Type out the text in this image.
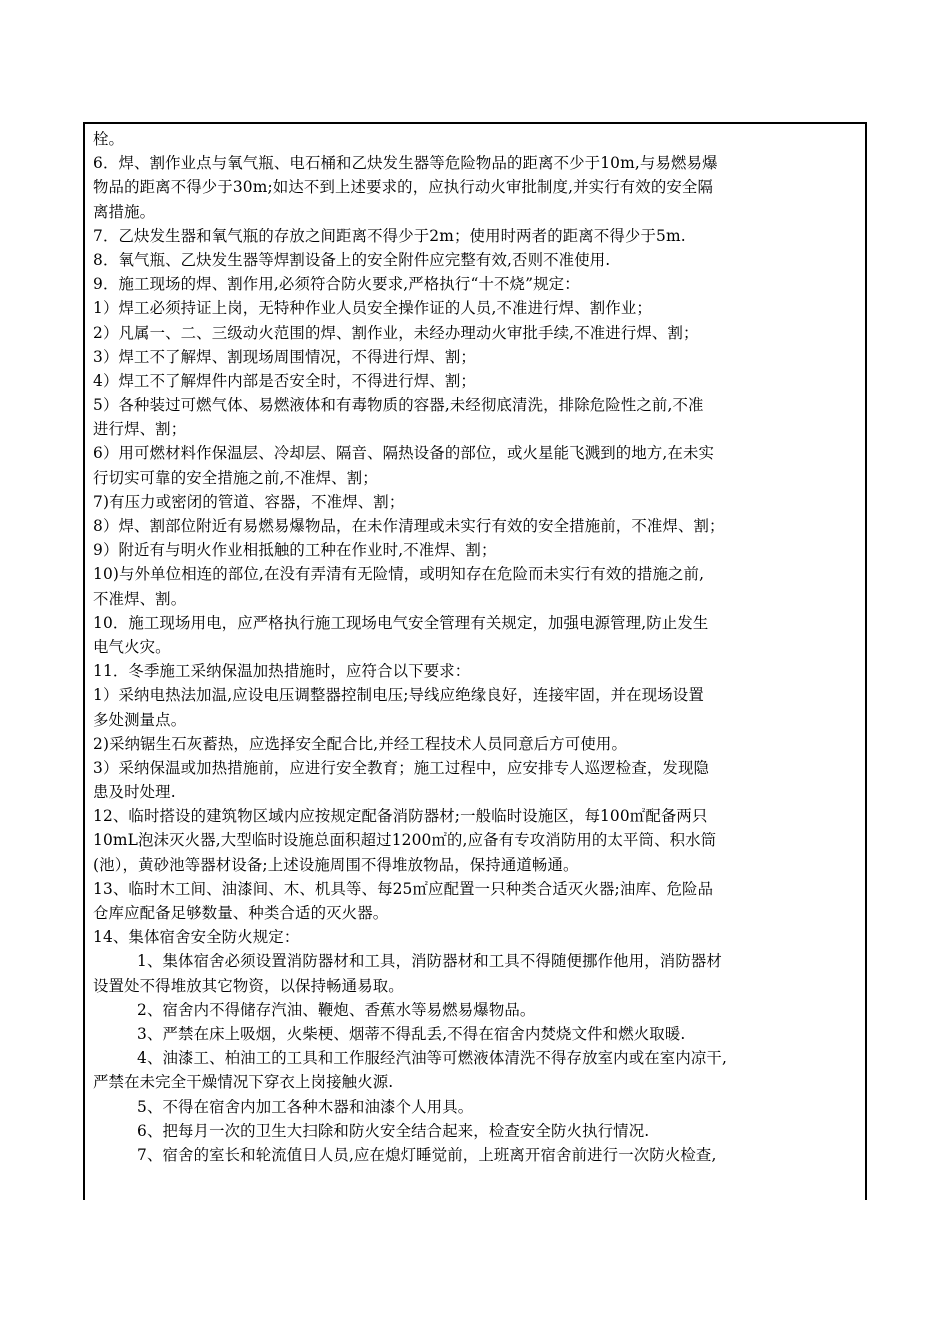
栓。
6．焊、割作业点与氧气瓶、电石桶和乙炔发生器等危险物品的距离不少于10m,与易燃易爆
物品的距离不得少于30m;如达不到上述要求的，应执行动火审批制度,并实行有效的安全隔
离措施。
7．乙炔发生器和氧气瓶的存放之间距离不得少于2m；使用时两者的距离不得少于5m.
8．氧气瓶、乙炔发生器等焊割设备上的安全附件应完整有效,否则不准使用.
9．施工现场的焊、割作用,必须符合防火要求,严格执行“十不烧”规定：
1）焊工必须持证上岗，无特种作业人员安全操作证的人员,不准进行焊、割作业；
2）凡属一、二、三级动火范围的焊、割作业，未经办理动火审批手续,不准进行焊、割；
3）焊工不了解焊、割现场周围情况，不得进行焊、割；
4）焊工不了解焊件内部是否安全时，不得进行焊、割；
5）各种装过可燃气体、易燃液体和有毒物质的容器,未经彻底清洗，排除危险性之前,不准
进行焊、割；
6）用可燃材料作保温层、冷却层、隔音、隔热设备的部位，或火星能飞溅到的地方,在未实
行切实可靠的安全措施之前,不准焊、割；
7)有压力或密闭的管道、容器，不准焊、割；
8）焊、割部位附近有易燃易爆物品，在未作清理或未实行有效的安全措施前，不准焊、割；
9）附近有与明火作业相抵触的工种在作业时,不准焊、割；
10)与外单位相连的部位,在没有弄清有无险情，或明知存在危险而未实行有效的措施之前,
不准焊、割。
10．施工现场用电，应严格执行施工现场电气安全管理有关规定，加强电源管理,防止发生
电气火灾。
11．冬季施工采纳保温加热措施时，应符合以下要求：
1）采纳电热法加温,应设电压调整器控制电压;导线应绝缘良好，连接牢固，并在现场设置
多处测量点。
2)采纳锯生石灰蓄热，应选择安全配合比,并经工程技术人员同意后方可使用。
3）采纳保温或加热措施前，应进行安全教育；施工过程中，应安排专人巡逻检查，发现隐
患及时处理.
12、临时搭设的建筑物区域内应按规定配备消防器材;一般临时设施区，每100㎡配备两只
10mL泡沫灭火器,大型临时设施总面积超过1200㎡的,应备有专攻消防用的太平筒、积水筒
(池），黄砂池等器材设备;上述设施周围不得堆放物品，保持通道畅通。
13、临时木工间、油漆间、木、机具等、每25㎡应配置一只种类合适灭火器;油库、危险品
仓库应配备足够数量、种类合适的灭火器。
14、集体宿舍安全防火规定：
1、集体宿舍必须设置消防器材和工具，消防器材和工具不得随便挪作他用，消防器材
设置处不得堆放其它物资，以保持畅通易取。
2、宿舍内不得储存汽油、鞭炮、香蕉水等易燃易爆物品。
3、严禁在床上吸烟，火柴梗、烟蒂不得乱丢,不得在宿舍内焚烧文件和燃火取暖.
4、油漆工、柏油工的工具和工作服经汽油等可燃液体清洗不得存放室内或在室内凉干,
严禁在未完全干燥情况下穿衣上岗接触火源.
5、不得在宿舍内加工各种木器和油漆个人用具。
6、把每月一次的卫生大扫除和防火安全结合起来，检查安全防火执行情况.
7、宿舍的室长和轮流值日人员,应在熄灯睡觉前，上班离开宿舍前进行一次防火检查,
